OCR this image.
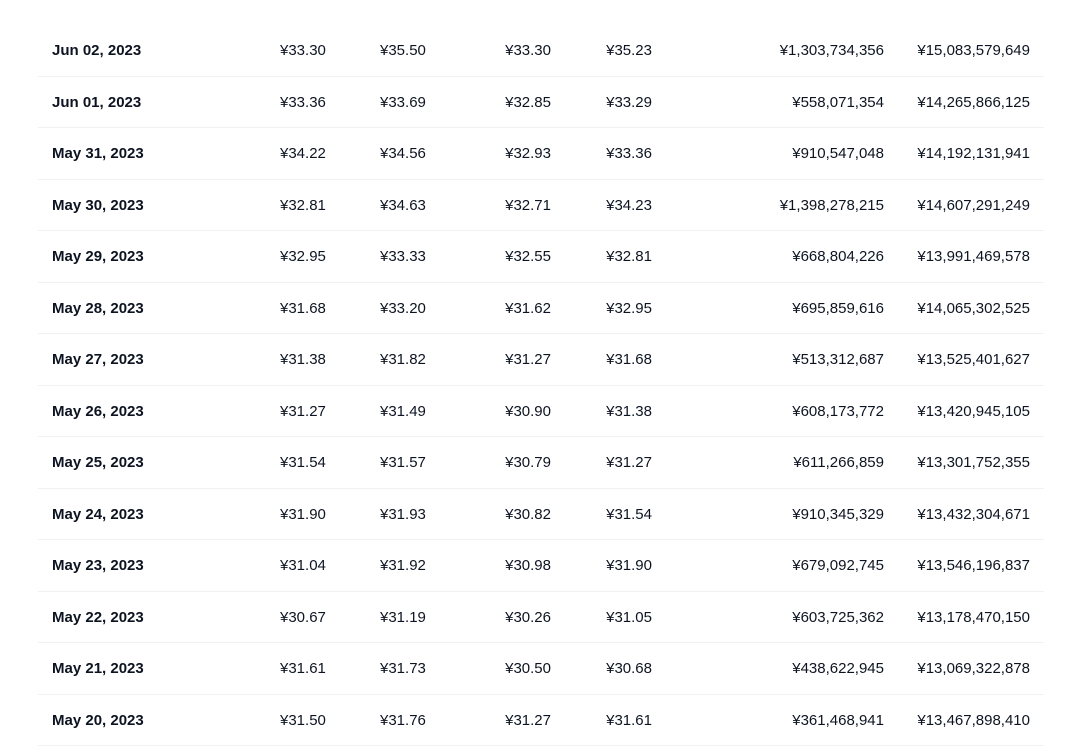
Jun 02, 2023	¥33.30	¥35.50	¥33.30	¥35.23	¥1,303,734,356 ¥15,083,579,649
Jun 01, 2023	¥33.36	¥33.69	¥32.85	¥33.29	¥558,071,354 ¥14,265,866,125
May 31, 2023	¥34.22	¥34.56	¥32.93	¥33.36	¥910,547,048 ¥14,192,131,941
May 30, 2023	¥32.81	¥34.63	¥32.71	¥34.23	¥1,398,278,215 ¥14,607,291,249
May 29, 2023	¥32.95	¥33.33	¥32.55	¥32.81	¥668,804,226 ¥13,991,469,578
May 28, 2023	¥31.68	¥33.20	¥31.62	¥32.95	¥695,859,616 ¥14,065,302,525
May 27, 2023	¥31.38	¥31.82	¥31.27	¥31.68	¥513,312,687 ¥13,525,401,627
May 26, 2023	¥31.27	¥31.49	¥30.90	¥31.38	¥608,173,772 ¥13,420,945,105
May 25, 2023	¥31.54	¥31.57	¥30.79	¥31.27	¥611,266,859 ¥13,301,752,355
May 24, 2023	¥31.90	¥31.93	¥30.82	¥31.54	¥910,345,329 ¥13,432,304,671
May 23, 2023	¥31.04	¥31.92	¥30.98	¥31.90	¥679,092,745 ¥13,546,196,837
May 22, 2023	¥30.67	¥31.19	¥30.26	¥31.05	¥603,725,362 ¥13,178,470,150
May 21, 2023	¥31.61	¥31.73	¥30.50	¥30.68	¥438,622,945 ¥13,069,322,878
May 20, 2023	¥31.50	¥31.76	¥31.27	¥31.61	¥361,468,941 ¥13,467,898,410
